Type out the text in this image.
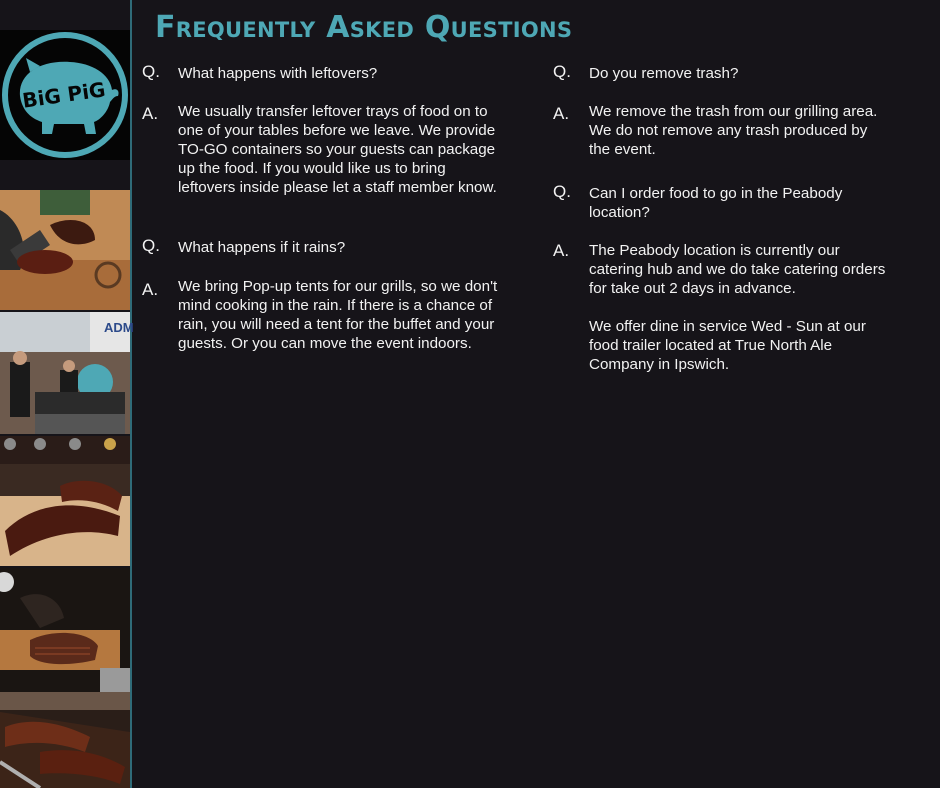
BiG PiG
ADM
Frequently Asked Questions
Q. What happens with leftovers?

A. We usually transfer leftover trays of food on to one of your tables before we leave. We provide TO-GO containers so your guests can package up the food. If you would like us to bring leftovers inside please let a staff member know.

Q. What happens if it rains?

A. We bring Pop-up tents for our grills, so we don't mind cooking in the rain. If there is a chance of rain, you will need a tent for the buffet and your guests. Or you can move the event indoors.

Q. Do you remove trash?

A. We remove the trash from our grilling area. We do not remove any trash produced by the event.

Q. Can I order food to go in the Peabody location?

A. The Peabody location is currently our catering hub and we do take catering orders for take out 2 days in advance.

We offer dine in service Wed - Sun at our food trailer located at True North Ale Company in Ipswich.
